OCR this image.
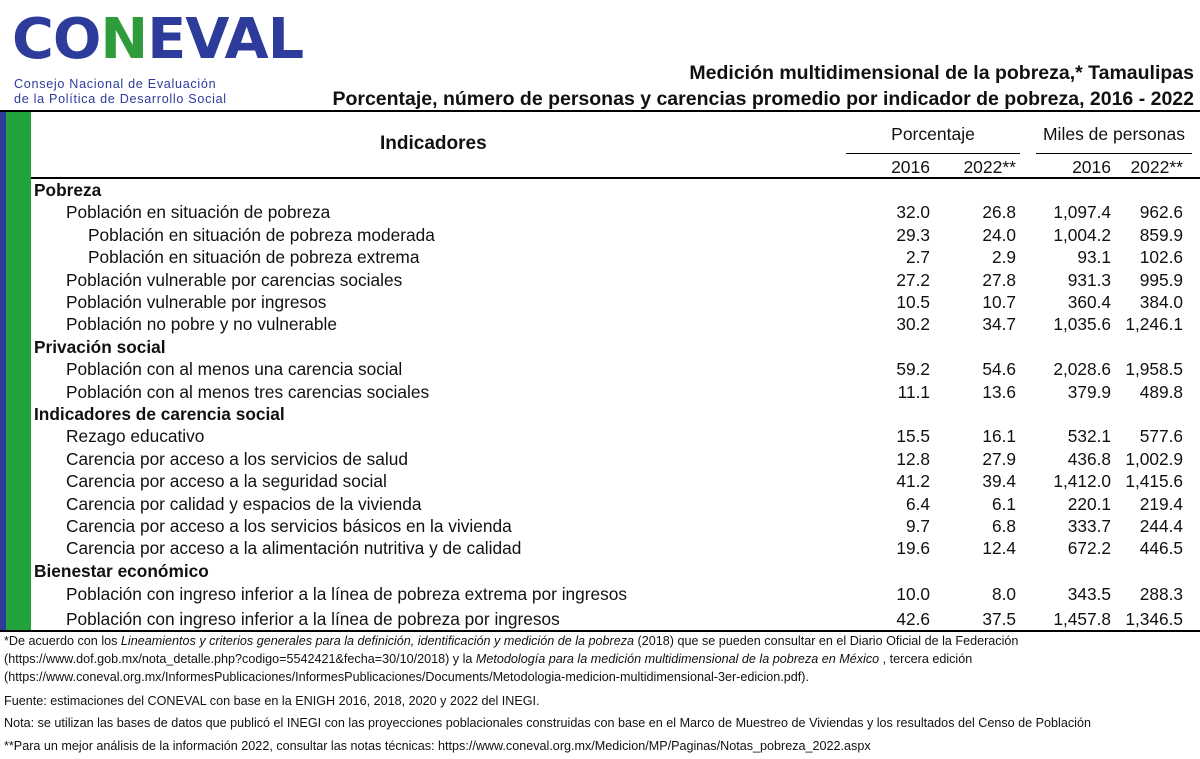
CONEVAL
Consejo Nacional de Evaluación
de la Política de Desarrollo Social
Medición multidimensional de la pobreza,* Tamaulipas
Porcentaje, número de personas y carencias promedio por indicador de pobreza, 2016 - 2022
Indicadores	Porcentaje	Miles de personas
2016 2022**	2016 2022**
Pobreza
Población en situación de pobreza	32.0	26.8 1,097.4 962.6
Población en situación de pobreza moderada	29.3	24.0 1,004.2 859.9
Población en situación de pobreza extrema	2.7	2.9	93.1 102.6
Población vulnerable por carencias sociales	27.2	27.8	931.3 995.9
Población vulnerable por ingresos	10.5	10.7	360.4 384.0
Población no pobre y no vulnerable	30.2	34.7 1,035.6 1,246.1
Privación social
Población con al menos una carencia social	59.2	54.6 2,028.6 1,958.5
Población con al menos tres carencias sociales	11.1	13.6	379.9 489.8
Indicadores de carencia social
Rezago educativo	15.5	16.1	532.1 577.6
Carencia por acceso a los servicios de salud	12.8	27.9	436.8 1,002.9
Carencia por acceso a la seguridad social	41.2	39.4 1,412.0 1,415.6
Carencia por calidad y espacios de la vivienda	6.4	6.1	220.1 219.4
Carencia por acceso a los servicios básicos en la vivienda	9.7	6.8	333.7 244.4
Carencia por acceso a la alimentación nutritiva y de calidad	19.6	12.4	672.2 446.5
Bienestar económico
Población con ingreso inferior a la línea de pobreza extrema por ingresos	10.0	8.0	343.5 288.3
Población con ingreso inferior a la línea de pobreza por ingresos	42.6	37.5 1,457.8 1,346.5
*De acuerdo con los Lineamientos y criterios generales para la definición, identificación y medición de la pobreza (2018) que se pueden consultar en el Diario Oficial de la Federación
(https://www.dof.gob.mx/nota_detalle.php?codigo=5542421&fecha=30/10/2018) y la Metodología para la medición multidimensional de la pobreza en México , tercera edición
(https://www.coneval.org.mx/InformesPublicaciones/InformesPublicaciones/Documents/Metodologia-medicion-multidimensional-3er-edicion.pdf).
Fuente: estimaciones del CONEVAL con base en la ENIGH 2016, 2018, 2020 y 2022 del INEGI.
Nota: se utilizan las bases de datos que publicó el INEGI con las proyecciones poblacionales construidas con base en el Marco de Muestreo de Viviendas y los resultados del Censo de Población
**Para un mejor análisis de la información 2022, consultar las notas técnicas: https://www.coneval.org.mx/Medicion/MP/Paginas/Notas_pobreza_2022.aspx
